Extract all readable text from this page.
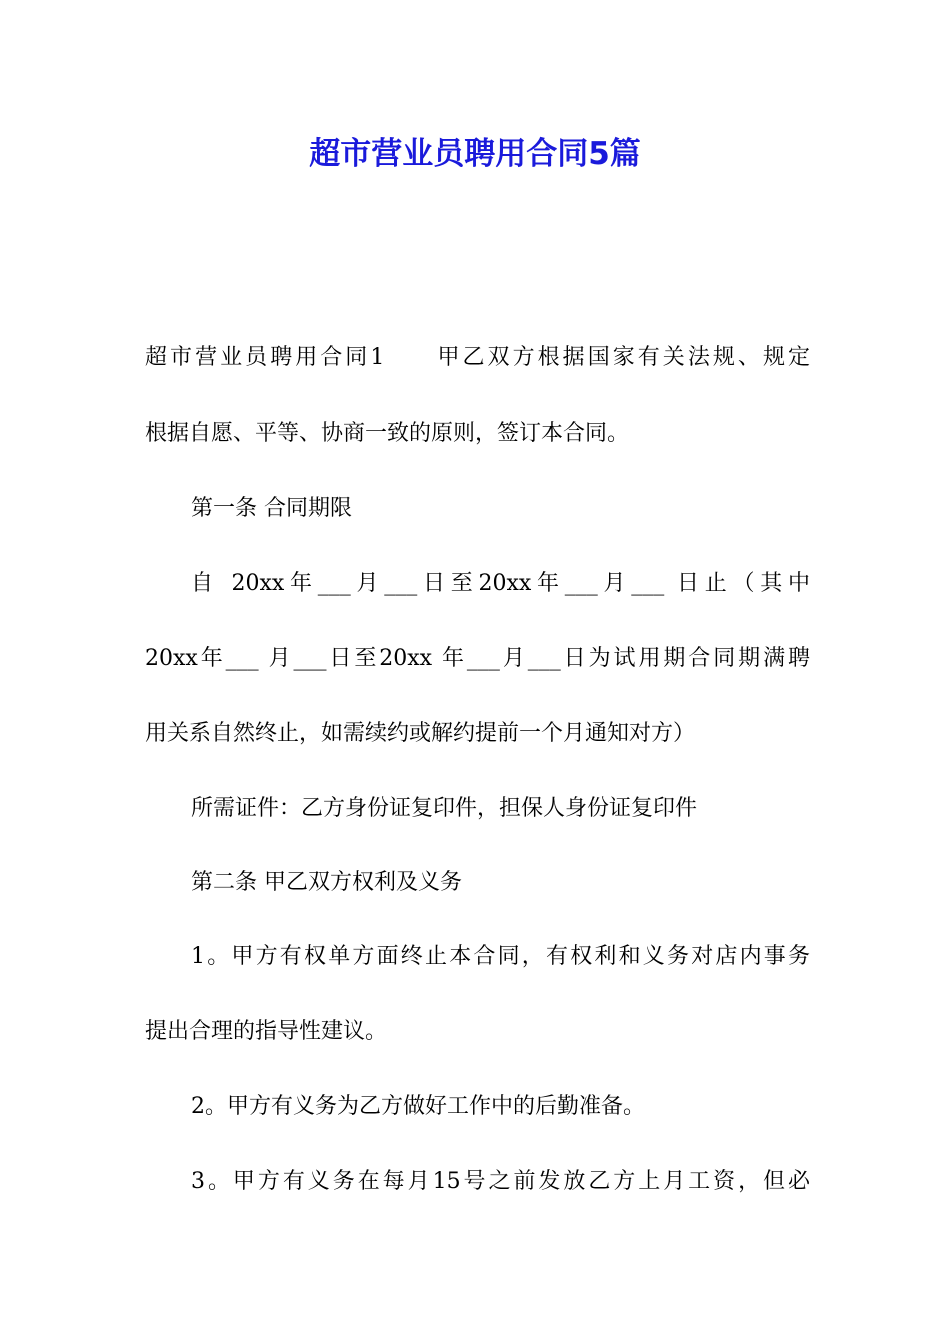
超市营业员聘用合同5篇

超市营业员聘用合同1　　甲乙双方根据国家有关法规、规定

根据自愿、平等、协商一致的原则，签订本合同。

第一条 合同期限

自 20xx年___月___日至20xx年___月___ 日止（其中

20xx年___ 月___日至20xx 年___月___日为试用期合同期满聘

用关系自然终止，如需续约或解约提前一个月通知对方）

所需证件：乙方身份证复印件，担保人身份证复印件

第二条 甲乙双方权利及义务

1。甲方有权单方面终止本合同，有权利和义务对店内事务

提出合理的指导性建议。

2。甲方有义务为乙方做好工作中的后勤准备。

3。甲方有义务在每月15号之前发放乙方上月工资，但必
